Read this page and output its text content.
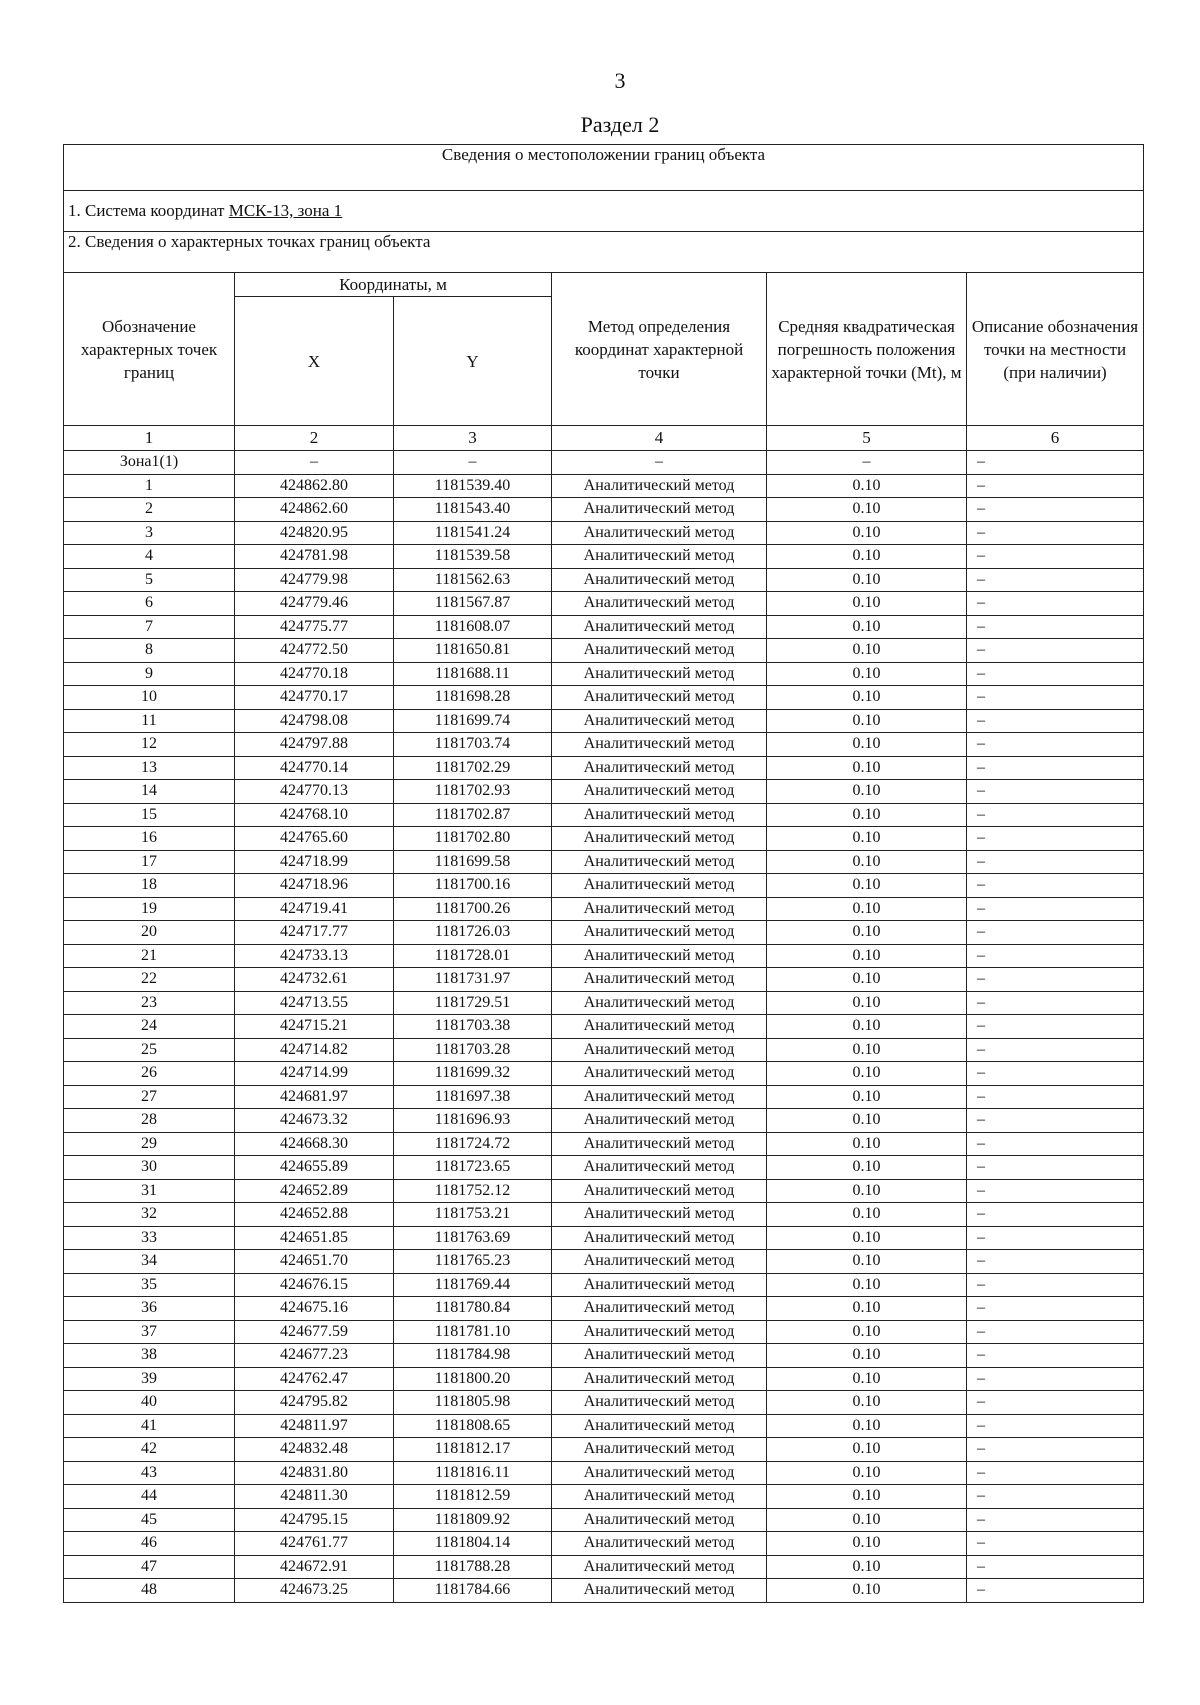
3
Раздел 2
Сведения о местоположении границ объекта					
1. Система координат МСК-13, зона 1					
2. Сведения о характерных точках границ объекта					
Обозначение характерных точек границ	Координаты, м		Метод определения координат характерной точки	Средняя квадратическая погрешность положения характерной точки (Mt), м	Описание обозначения точки на местности (при наличии)
	X	Y			
1	2	3	4	5	6
Зона1(1)	–	–	–	–	–
1	424862.80	1181539.40	Аналитический метод	0.10	–
2	424862.60	1181543.40	Аналитический метод	0.10	–
3	424820.95	1181541.24	Аналитический метод	0.10	–
4	424781.98	1181539.58	Аналитический метод	0.10	–
5	424779.98	1181562.63	Аналитический метод	0.10	–
6	424779.46	1181567.87	Аналитический метод	0.10	–
7	424775.77	1181608.07	Аналитический метод	0.10	–
8	424772.50	1181650.81	Аналитический метод	0.10	–
9	424770.18	1181688.11	Аналитический метод	0.10	–
10	424770.17	1181698.28	Аналитический метод	0.10	–
11	424798.08	1181699.74	Аналитический метод	0.10	–
12	424797.88	1181703.74	Аналитический метод	0.10	–
13	424770.14	1181702.29	Аналитический метод	0.10	–
14	424770.13	1181702.93	Аналитический метод	0.10	–
15	424768.10	1181702.87	Аналитический метод	0.10	–
16	424765.60	1181702.80	Аналитический метод	0.10	–
17	424718.99	1181699.58	Аналитический метод	0.10	–
18	424718.96	1181700.16	Аналитический метод	0.10	–
19	424719.41	1181700.26	Аналитический метод	0.10	–
20	424717.77	1181726.03	Аналитический метод	0.10	–
21	424733.13	1181728.01	Аналитический метод	0.10	–
22	424732.61	1181731.97	Аналитический метод	0.10	–
23	424713.55	1181729.51	Аналитический метод	0.10	–
24	424715.21	1181703.38	Аналитический метод	0.10	–
25	424714.82	1181703.28	Аналитический метод	0.10	–
26	424714.99	1181699.32	Аналитический метод	0.10	–
27	424681.97	1181697.38	Аналитический метод	0.10	–
28	424673.32	1181696.93	Аналитический метод	0.10	–
29	424668.30	1181724.72	Аналитический метод	0.10	–
30	424655.89	1181723.65	Аналитический метод	0.10	–
31	424652.89	1181752.12	Аналитический метод	0.10	–
32	424652.88	1181753.21	Аналитический метод	0.10	–
33	424651.85	1181763.69	Аналитический метод	0.10	–
34	424651.70	1181765.23	Аналитический метод	0.10	–
35	424676.15	1181769.44	Аналитический метод	0.10	–
36	424675.16	1181780.84	Аналитический метод	0.10	–
37	424677.59	1181781.10	Аналитический метод	0.10	–
38	424677.23	1181784.98	Аналитический метод	0.10	–
39	424762.47	1181800.20	Аналитический метод	0.10	–
40	424795.82	1181805.98	Аналитический метод	0.10	–
41	424811.97	1181808.65	Аналитический метод	0.10	–
42	424832.48	1181812.17	Аналитический метод	0.10	–
43	424831.80	1181816.11	Аналитический метод	0.10	–
44	424811.30	1181812.59	Аналитический метод	0.10	–
45	424795.15	1181809.92	Аналитический метод	0.10	–
46	424761.77	1181804.14	Аналитический метод	0.10	–
47	424672.91	1181788.28	Аналитический метод	0.10	–
48	424673.25	1181784.66	Аналитический метод	0.10	–
